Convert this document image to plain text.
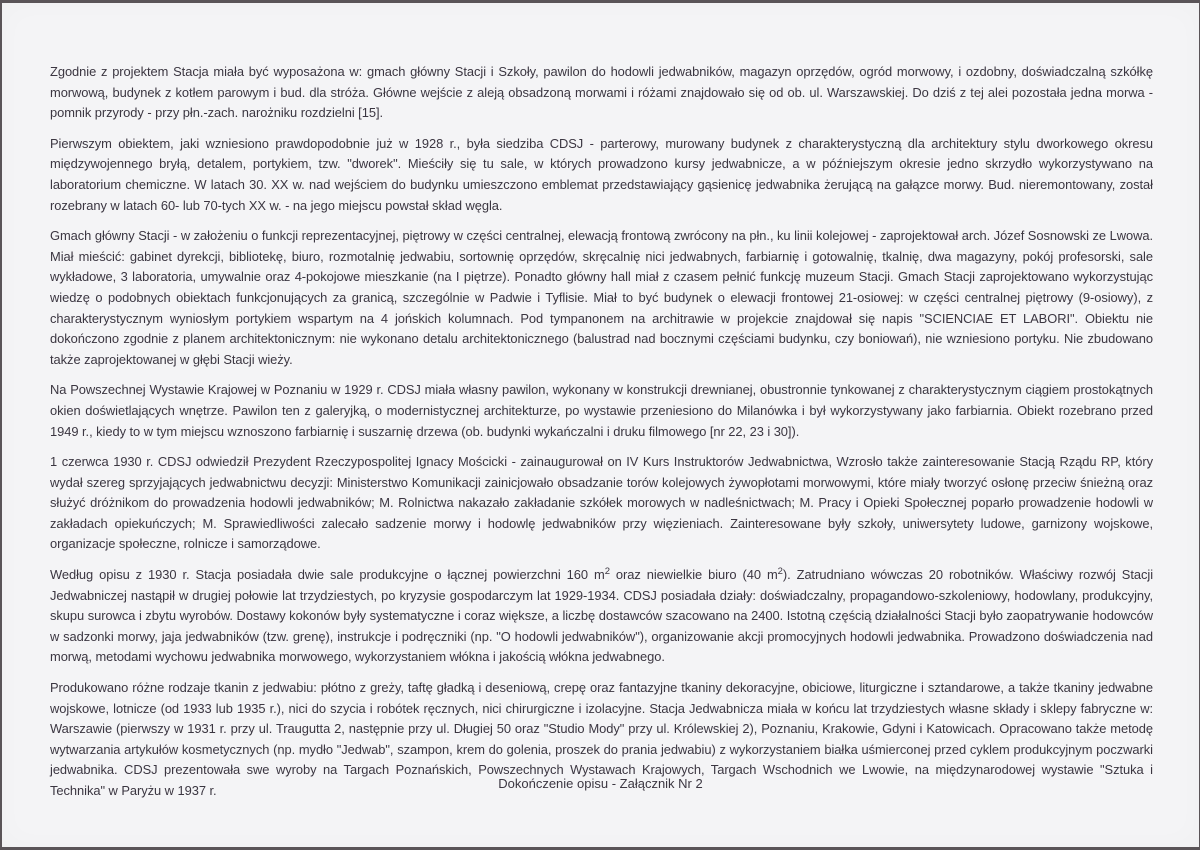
Zgodnie z projektem Stacja miała być wyposażona w: gmach główny Stacji i Szkoły, pawilon do hodowli jedwabników, magazyn oprzędów, ogród morwowy, i ozdobny, doświadczalną szkółkę morwową, budynek z kotłem parowym i bud. dla stróża. Główne wejście z aleją obsadzoną morwami i różami znajdowało się od ob. ul. Warszawskiej. Do dziś z tej alei pozostała jedna morwa - pomnik przyrody - przy płn.-zach. narożniku rozdzielni [15].

Pierwszym obiektem, jaki wzniesiono prawdopodobnie już w 1928 r., była siedziba CDSJ - parterowy, murowany budynek z charakterystyczną dla architektury stylu dworkowego okresu międzywojennego bryłą, detalem, portykiem, tzw. "dworek". Mieściły się tu sale, w których prowadzono kursy jedwabnicze, a w późniejszym okresie jedno skrzydło wykorzystywano na laboratorium chemiczne. W latach 30. XX w. nad wejściem do budynku umieszczono emblemat przedstawiający gąsienicę jedwabnika żerującą na gałązce morwy. Bud. nieremontowany, został rozebrany w latach 60- lub 70-tych XX w. - na jego miejscu powstał skład węgla.

Gmach główny Stacji - w założeniu o funkcji reprezentacyjnej, piętrowy w części centralnej, elewacją frontową zwrócony na płn., ku linii kolejowej - zaprojektował arch. Józef Sosnowski ze Lwowa. Miał mieścić: gabinet dyrekcji, bibliotekę, biuro, rozmotalnię jedwabiu, sortownię oprzędów, skręcalnię nici jedwabnych, farbiarnię i gotowalnię, tkalnię, dwa magazyny, pokój profesorski, sale wykładowe, 3 laboratoria, umywalnie oraz 4-pokojowe mieszkanie (na I piętrze). Ponadto główny hall miał z czasem pełnić funkcję muzeum Stacji. Gmach Stacji zaprojektowano wykorzystując wiedzę o podobnych obiektach funkcjonujących za granicą, szczególnie w Padwie i Tyflisie. Miał to być budynek o elewacji frontowej 21-osiowej: w części centralnej piętrowy (9-osiowy), z charakterystycznym wyniosłym portykiem wspartym na 4 jońskich kolumnach. Pod tympanonem na architrawie w projekcie znajdował się napis "SCIENCIAE ET LABORI". Obiektu nie dokończono zgodnie z planem architektonicznym: nie wykonano detalu architektonicznego (balustrad nad bocznymi częściami budynku, czy boniowań), nie wzniesiono portyku. Nie zbudowano także zaprojektowanej w głębi Stacji wieży.

Na Powszechnej Wystawie Krajowej w Poznaniu w 1929 r. CDSJ miała własny pawilon, wykonany w konstrukcji drewnianej, obustronnie tynkowanej z charakterystycznym ciągiem prostokątnych okien doświetlających wnętrze. Pawilon ten z galeryjką, o modernistycznej architekturze, po wystawie przeniesiono do Milanówka i był wykorzystywany jako farbiarnia. Obiekt rozebrano przed 1949 r., kiedy to w tym miejscu wznoszono farbiarnię i suszarnię drzewa (ob. budynki wykańczalni i druku filmowego [nr 22, 23 i 30]).

1 czerwca 1930 r. CDSJ odwiedził Prezydent Rzeczypospolitej Ignacy Mościcki - zainaugurował on IV Kurs Instruktorów Jedwabnictwa, Wzrosło także zainteresowanie Stacją Rządu RP, który wydał szereg sprzyjających jedwabnictwu decyzji: Ministerstwo Komunikacji zainicjowało obsadzanie torów kolejowych żywopłotami morwowymi, które miały tworzyć osłonę przeciw śnieżną oraz służyć dróżnikom do prowadzenia hodowli jedwabników; M. Rolnictwa nakazało zakładanie szkółek morowych w nadleśnictwach; M. Pracy i Opieki Społecznej poparło prowadzenie hodowli w zakładach opiekuńczych; M. Sprawiedliwości zalecało sadzenie morwy i hodowlę jedwabników przy więzieniach. Zainteresowane były szkoły, uniwersytety ludowe, garnizony wojskowe, organizacje społeczne, rolnicze i samorządowe.

Według opisu z 1930 r. Stacja posiadała dwie sale produkcyjne o łącznej powierzchni 160 $m^2$ oraz niewielkie biuro (40 $m^2$). Zatrudniano wówczas 20 robotników. Właściwy rozwój Stacji Jedwabniczej nastąpił w drugiej połowie lat trzydziestych, po kryzysie gospodarczym lat 1929-1934. CDSJ posiadała działy: doświadczalny, propagandowo-szkoleniowy, hodowlany, produkcyjny, skupu surowca i zbytu wyrobów. Dostawy kokonów były systematyczne i coraz większe, a liczbę dostawców szacowano na 2400. Istotną częścią działalności Stacji było zaopatrywanie hodowców w sadzonki morwy, jaja jedwabników (tzw. grenę), instrukcje i podręczniki (np. "O hodowli jedwabników"), organizowanie akcji promocyjnych hodowli jedwabnika. Prowadzono doświadczenia nad morwą, metodami wychowu jedwabnika morwowego, wykorzystaniem włókna i jakością włókna jedwabnego.

Produkowano różne rodzaje tkanin z jedwabiu: płótno z greży, taftę gładką i deseniową, crepę oraz fantazyjne tkaniny dekoracyjne, obiciowe, liturgiczne i sztandarowe, a także tkaniny jedwabne wojskowe, lotnicze (od 1933 lub 1935 r.), nici do szycia i robótek ręcznych, nici chirurgiczne i izolacyjne. Stacja Jedwabnicza miała w końcu lat trzydziestych własne składy i sklepy fabryczne w: Warszawie (pierwszy w 1931 r. przy ul. Traugutta 2, następnie przy ul. Długiej 50 oraz "Studio Mody" przy ul. Królewskiej 2), Poznaniu, Krakowie, Gdyni i Katowicach. Opracowano także metodę wytwarzania artykułów kosmetycznych (np. mydło "Jedwab", szampon, krem do golenia, proszek do prania jedwabiu) z wykorzystaniem białka uśmierconej przed cyklem produkcyjnym poczwarki jedwabnika. CDSJ prezentowała swe wyroby na Targach Poznańskich, Powszechnych Wystawach Krajowych, Targach Wschodnich we Lwowie, na międzynarodowej wystawie "Sztuka i Technika" w Paryżu w 1937 r.	Dokończenie opisu - Załącznik Nr 2
